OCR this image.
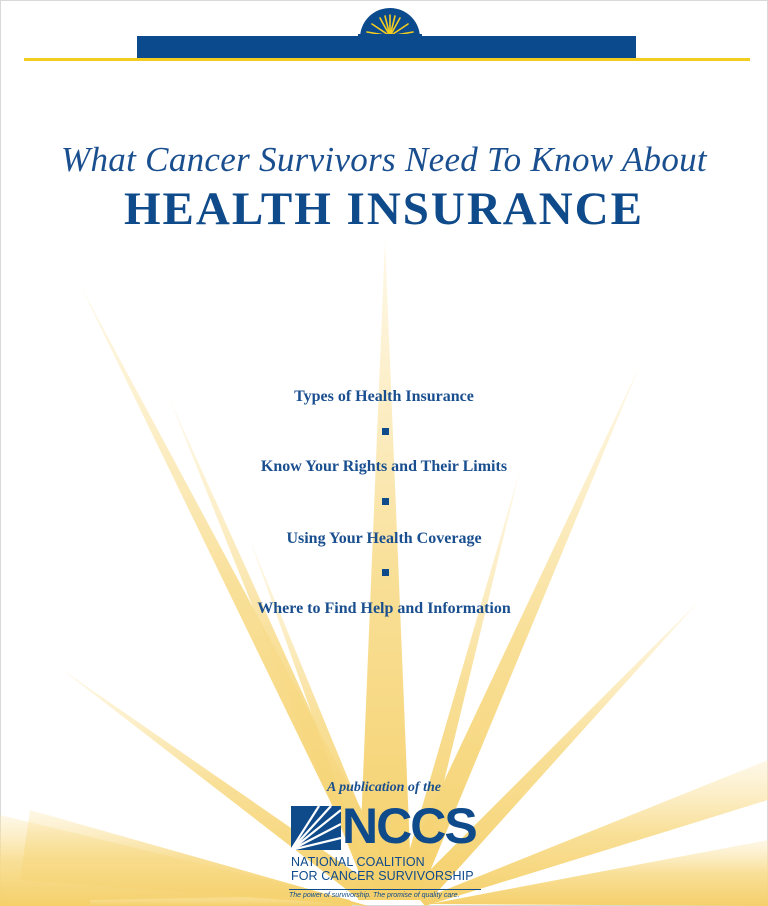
What Cancer Survivors Need To Know About
HEALTH INSURANCE
Types of Health Insurance
Know Your Rights and Their Limits
Using Your Health Coverage
Where to Find Help and Information
A publication of the
NCCS
NATIONAL COALITION
FOR CANCER SURVIVORSHIP
The power of survivorship. The promise of quality care.
